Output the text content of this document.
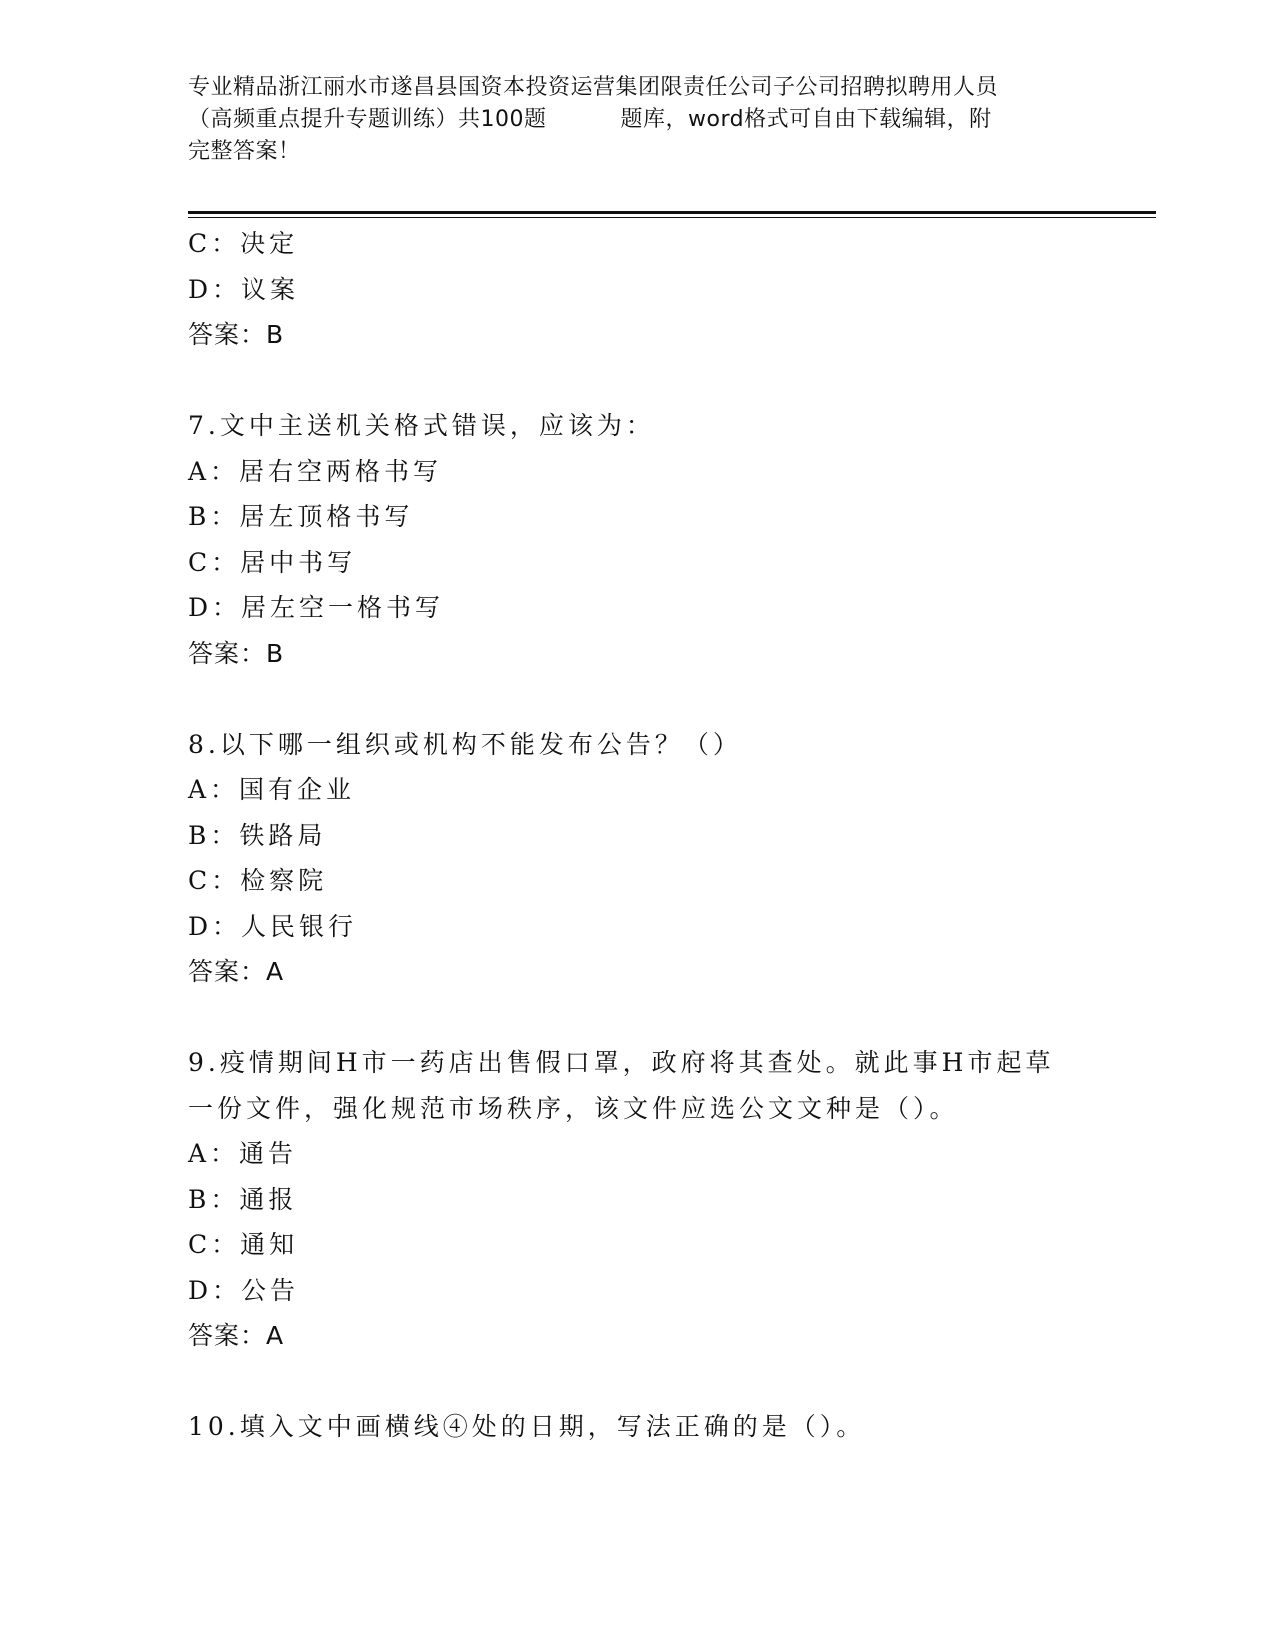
专业精品浙江丽水市遂昌县国资本投资运营集团限责任公司子公司招聘拟聘用人员
（高频重点提升专题训练）共100题	题库，word格式可自由下载编辑，附
完整答案！
C：决定
D：议案
答案：B
7.文中主送机关格式错误，应该为：
A：居右空两格书写
B：居左顶格书写
C：居中书写
D：居左空一格书写
答案：B
8.以下哪一组织或机构不能发布公告？（）
A：国有企业
B：铁路局
C：检察院
D：人民银行
答案：A
9.疫情期间H市一药店出售假口罩，政府将其查处。就此事H市起草
一份文件，强化规范市场秩序，该文件应选公文文种是（）。
A：通告
B：通报
C：通知
D：公告
答案：A
10.填入文中画横线④处的日期，写法正确的是（）。
